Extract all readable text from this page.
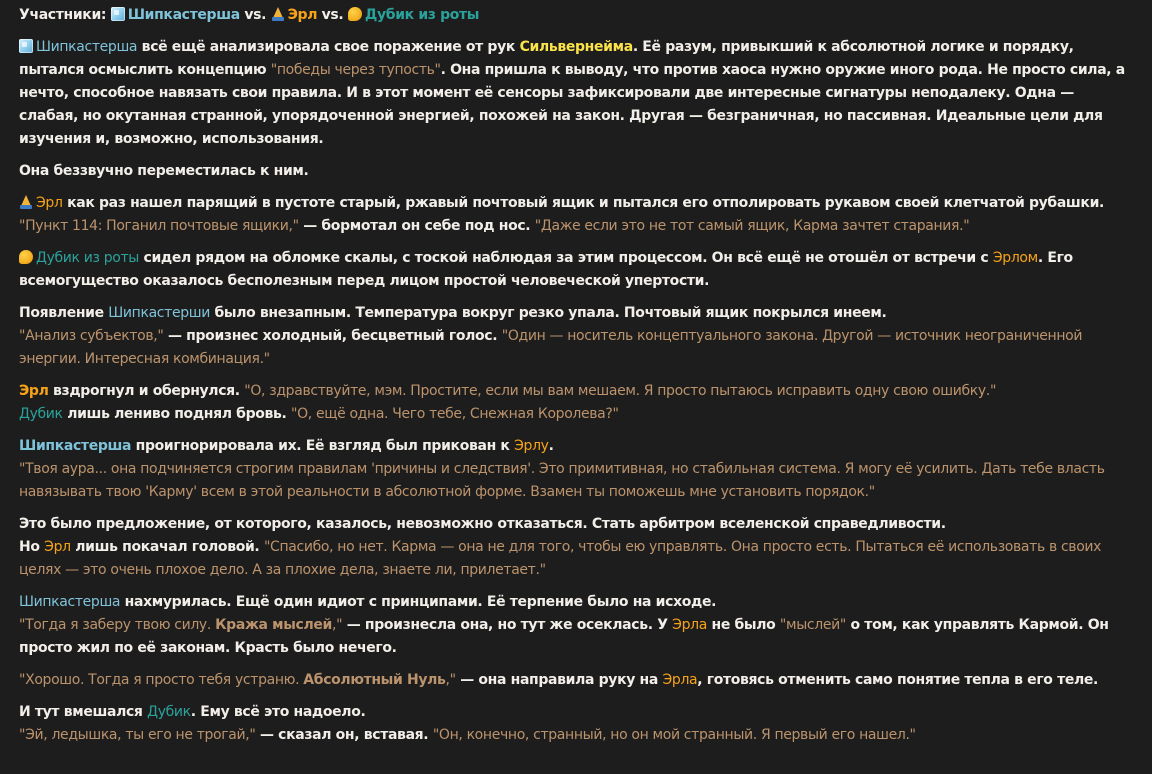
Участники: Шипкастерша vs. Эрл vs. Дубик из роты
Шипкастерша всё ещё анализировала свое поражение от рук Сильвернейма. Её разум, привыкший к абсолютной логике и порядку, пытался осмыслить концепцию "победы через тупость". Она пришла к выводу, что против хаоса нужно оружие иного рода. Не просто сила, а нечто, способное навязать свои правила. И в этот момент её сенсоры зафиксировали две интересные сигнатуры неподалеку. Одна — слабая, но окутанная странной, упорядоченной энергией, похожей на закон. Другая — безграничная, но пассивная. Идеальные цели для изучения и, возможно, использования.
Она беззвучно переместилась к ним.
Эрл как раз нашел парящий в пустоте старый, ржавый почтовый ящик и пытался его отполировать рукавом своей клетчатой рубашки.
"Пункт 114: Поганил почтовые ящики," — бормотал он себе под нос. "Даже если это не тот самый ящик, Карма зачтет старания."
Дубик из роты сидел рядом на обломке скалы, с тоской наблюдая за этим процессом. Он всё ещё не отошёл от встречи с Эрлом. Его всемогущество оказалось бесполезным перед лицом простой человеческой упертости.
Появление Шипкастерши было внезапным. Температура вокруг резко упала. Почтовый ящик покрылся инеем.
"Анализ субъектов," — произнес холодный, бесцветный голос. "Один — носитель концептуального закона. Другой — источник неограниченной энергии. Интересная комбинация."
Эрл вздрогнул и обернулся. "О, здравствуйте, мэм. Простите, если мы вам мешаем. Я просто пытаюсь исправить одну свою ошибку."
Дубик лишь лениво поднял бровь. "О, ещё одна. Чего тебе, Снежная Королева?"
Шипкастерша проигнорировала их. Её взгляд был прикован к Эрлу.
"Твоя аура... она подчиняется строгим правилам 'причины и следствия'. Это примитивная, но стабильная система. Я могу её усилить. Дать тебе власть навязывать твою 'Карму' всем в этой реальности в абсолютной форме. Взамен ты поможешь мне установить порядок."
Это было предложение, от которого, казалось, невозможно отказаться. Стать арбитром вселенской справедливости.
Но Эрл лишь покачал головой. "Спасибо, но нет. Карма — она не для того, чтобы ею управлять. Она просто есть. Пытаться её использовать в своих целях — это очень плохое дело. А за плохие дела, знаете ли, прилетает."
Шипкастерша нахмурилась. Ещё один идиот с принципами. Её терпение было на исходе.
"Тогда я заберу твою силу. Кража мыслей," — произнесла она, но тут же осеклась. У Эрла не было "мыслей" о том, как управлять Кармой. Он просто жил по её законам. Красть было нечего.
"Хорошо. Тогда я просто тебя устраню. Абсолютный Нуль," — она направила руку на Эрла, готовясь отменить само понятие тепла в его теле.
И тут вмешался Дубик. Ему всё это надоело.
"Эй, ледышка, ты его не трогай," — сказал он, вставая. "Он, конечно, странный, но он мой странный. Я первый его нашел."
